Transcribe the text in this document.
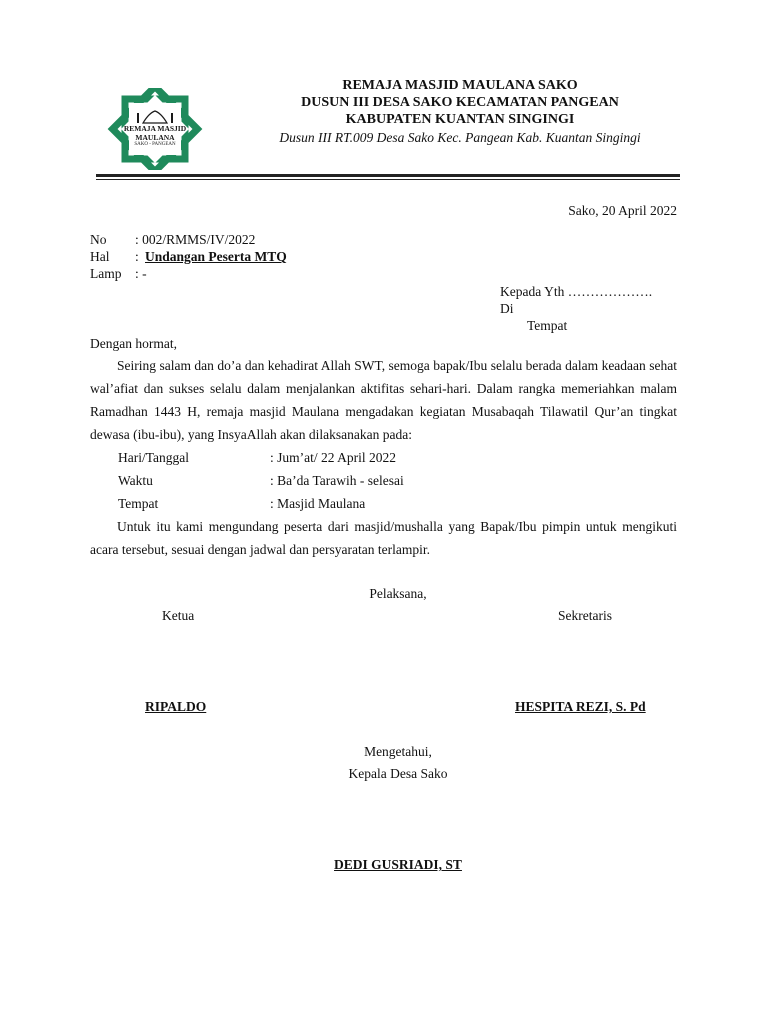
REMAJA MASJID
MAULANA
SAKO - PANGEAN
REMAJA MASJID MAULANA SAKO
DUSUN III DESA SAKO KECAMATAN PANGEAN
KABUPATEN KUANTAN SINGINGI
Dusun III RT.009 Desa Sako Kec. Pangean Kab. Kuantan Singingi
Sako, 20 April 2022
No : 002/RMMS/IV/2022
Hal : Undangan Peserta MTQ
Lamp : -
Kepada Yth ……………….
Di
Tempat
Dengan hormat,
Seiring salam dan do’a dan kehadirat Allah SWT, semoga bapak/Ibu selalu berada dalam keadaan sehat wal’afiat dan sukses selalu dalam menjalankan aktifitas sehari-hari. Dalam rangka memeriahkan malam Ramadhan 1443 H, remaja masjid Maulana mengadakan kegiatan Musabaqah Tilawatil Qur’an tingkat dewasa (ibu-ibu), yang InsyaAllah akan dilaksanakan pada:
Hari/Tanggal	: Jum’at/ 22 April 2022
Waktu	: Ba’da Tarawih - selesai
Tempat	: Masjid Maulana
Untuk itu kami mengundang peserta dari masjid/mushalla yang Bapak/Ibu pimpin untuk mengikuti acara tersebut, sesuai dengan jadwal dan persyaratan terlampir.
Pelaksana,
Ketua	Sekretaris
RIPALDO	HESPITA REZI, S. Pd
Mengetahui,
Kepala Desa Sako
DEDI GUSRIADI, ST
